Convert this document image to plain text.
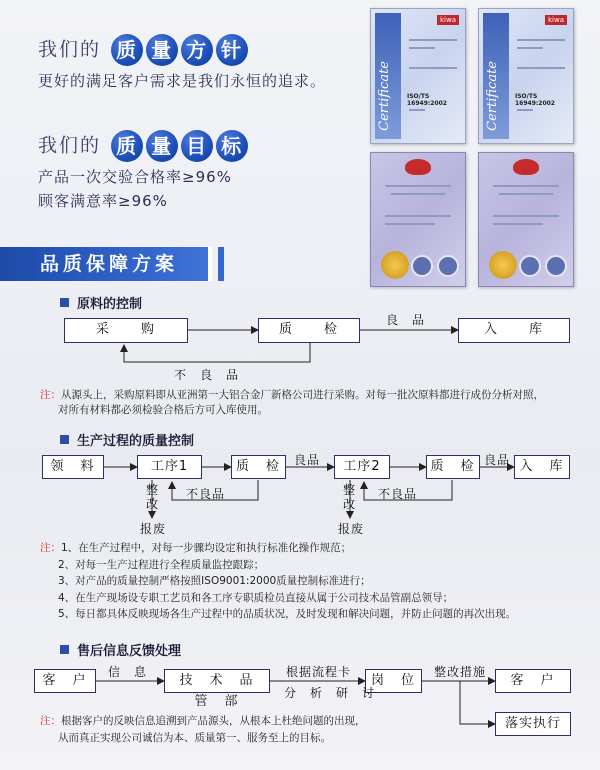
我们的 质 量 方 针
更好的满足客户需求是我们永恒的追求。
我们的 质 量 目 标
产品一次交验合格率≥96%
顾客满意率≥96%
Certificate
kiwa
ISO/TS 16949:2002	Certificate
kiwa
ISO/TS 16949:2002
品质保障方案
原料的控制
采　　购	质　　检	入　　库
良　品
不　良　品
注：从源头上，采购原料即从亚洲第一大铝合金厂新格公司进行采购。对每一批次原料都进行成份分析对照，
对所有材料都必须检验合格后方可入库使用。
生产过程的质量控制
领　料	工序1	质　检	工序2	质　检	入　库
良品	良品
整
改
整
改
不良品	不良品
报废	报废
注：1、在生产过程中，对每一步骤均设定和执行标准化操作规范；
2、对每一生产过程进行全程质量监控跟踪；
3、对产品的质量控制严格按照ISO9001:2000质量控制标准进行；
4、在生产现场设专职工艺员和各工序专职质检员直接从属于公司技术品管副总领导；
5、每日都具体反映现场各生产过程中的品质状况，及时发现和解决问题，并防止问题的再次出现。
售后信息反馈处理
客　户	技　术　品　管　部
岗　位	客　户
落实执行
信　息	根据流程卡
分　析　研　讨
整改措施
注：根据客户的反映信息追溯到产品源头，从根本上杜绝问题的出现，
从而真正实现公司诚信为本、质量第一、服务至上的目标。
